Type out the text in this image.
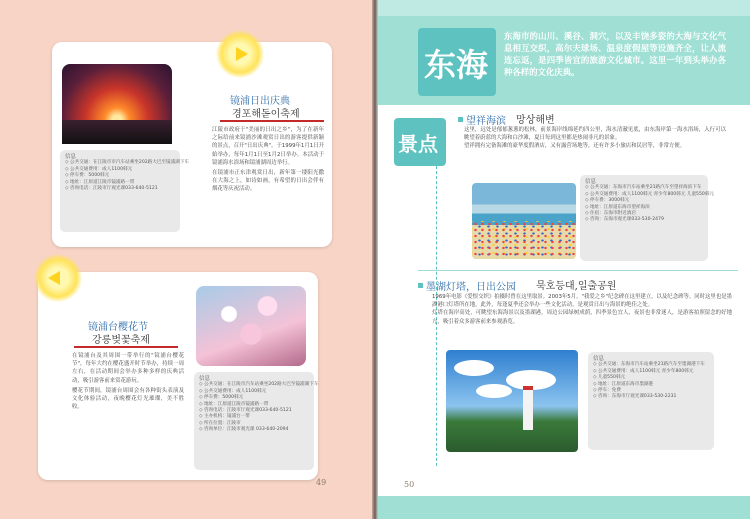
信息
◇ 公共交通：在江陵市市汽车站乘坐202路大巴至镜浦湖下车
◇ 公共交通费用：成人1100韩元
◇ 停车费：5000韩元
◇ 地址：江原道江陵市镜浦路一带
◇ 咨询电话：江陵市厅观光课033-640-5121
镜浦日出庆典
경포해돋이축제
江陵市政府于"美丽的日出之乡"，为了在新年之际给前来镜浦沙滩观赏日出的游客提供新颖的景点，召开"日出庆典"。于1999年1月1日开始举办，每年1月1日至1月2日举办。本活动于镜浦海水浴场和镜浦湖周边举行。
在镜浦市正东津观赏日出，新年第一缕阳光撒在大海之上，如诗如画，有希望的日出会伴有烟花等庆祝活动。
镜浦台樱花节
강릉벚꽃축제
在镜浦台及其周围一带举行的"镜浦台樱花节"，每年大约在樱花盛开时节举办，持续一周左右，在活动期间会举办多种多样的庆典活动，吸引游客前来赏花游玩。
樱花节期间，镜浦台周围会有各种街头表演及文化体验活动，夜晚樱花灯光璀璨，美不胜收。
信息
◇ 公共交通：在江陵市汽车站乘坐202路大巴至镜浦湖下车
◇ 公共交通费用：成人1100韩元
◇ 停车费：5000韩元
◇ 地址：江原道江陵市镜浦路一带
◇ 咨询电话：江陵市厅观光课033-640-5121
◇ 主办机构：镜浦台一带
◇ 所在位置：江陵市
◇ 咨询单位：江陵市观光课 033-640-2094
49
东海
东海市的山川、溪谷、洞穴，以及丰饶多姿的大海与文化气息相互交织，高尔夫球场、温泉度假屋等设施齐全，让人流连忘返，是四季皆宜的旅游文化城市。这里一年到头举办各种各样的文化庆典。
景点
望祥海滨 망상해변
这里，远处是郁郁葱葱的松林，前景海岸线绵延约四公里，海水清澈见底，由东海岸第一海水浴场，入行可以眺望着蔚蓝的大海和白沙滩，夏日每到这里都是热闹非凡的景象。
望祥拥有完备海滩的豪华度假酒店，又有露营场地等，还有许多小旅店和民居等，非常方便。
信息
◇ 公共交通：东海市汽车站乘坐21路汽车至望祥海滨下车
◇ 公共交通费用：成人1100韩元 青少年800韩元 儿童550韩元
◇ 停车费：3000韩元
◇ 地址：江原道东海市望祥海滨
◇ 住宿：东海市附近酒店
◇ 咨询：东海市观光课033-530-2479
墨湖灯塔，日出公园 묵호등대,일출공원
1969年电影《爱恨交织》拍摄时曾在这里取景。2003年5月，"我爱之乡"纪念碑在这里建立，以及纪念碑等。同时这里也是墨湖港口灯塔所在地，此外，每逢夏季还会举办一些文化活动，是观赏日出与海景的绝佳之处。
灯塔在海岸高处，可眺望东海海景以及墨湖港，周边公园绿树成荫，四季景色宜人，夜景也非常迷人，是游客拍照留念的好地方，吸引着众多游客前来参观游览。
信息
◇ 公共交通：东海市汽车站乘坐21路汽车至墨湖港下车
◇ 公共交通费用：成人1100韩元 青少年800韩元
◇ 儿童550韩元
◇ 地址：江原道东海市墨湖港
◇ 停车：免费
◇ 咨询：东海市厅观光课033-530-2231
50
